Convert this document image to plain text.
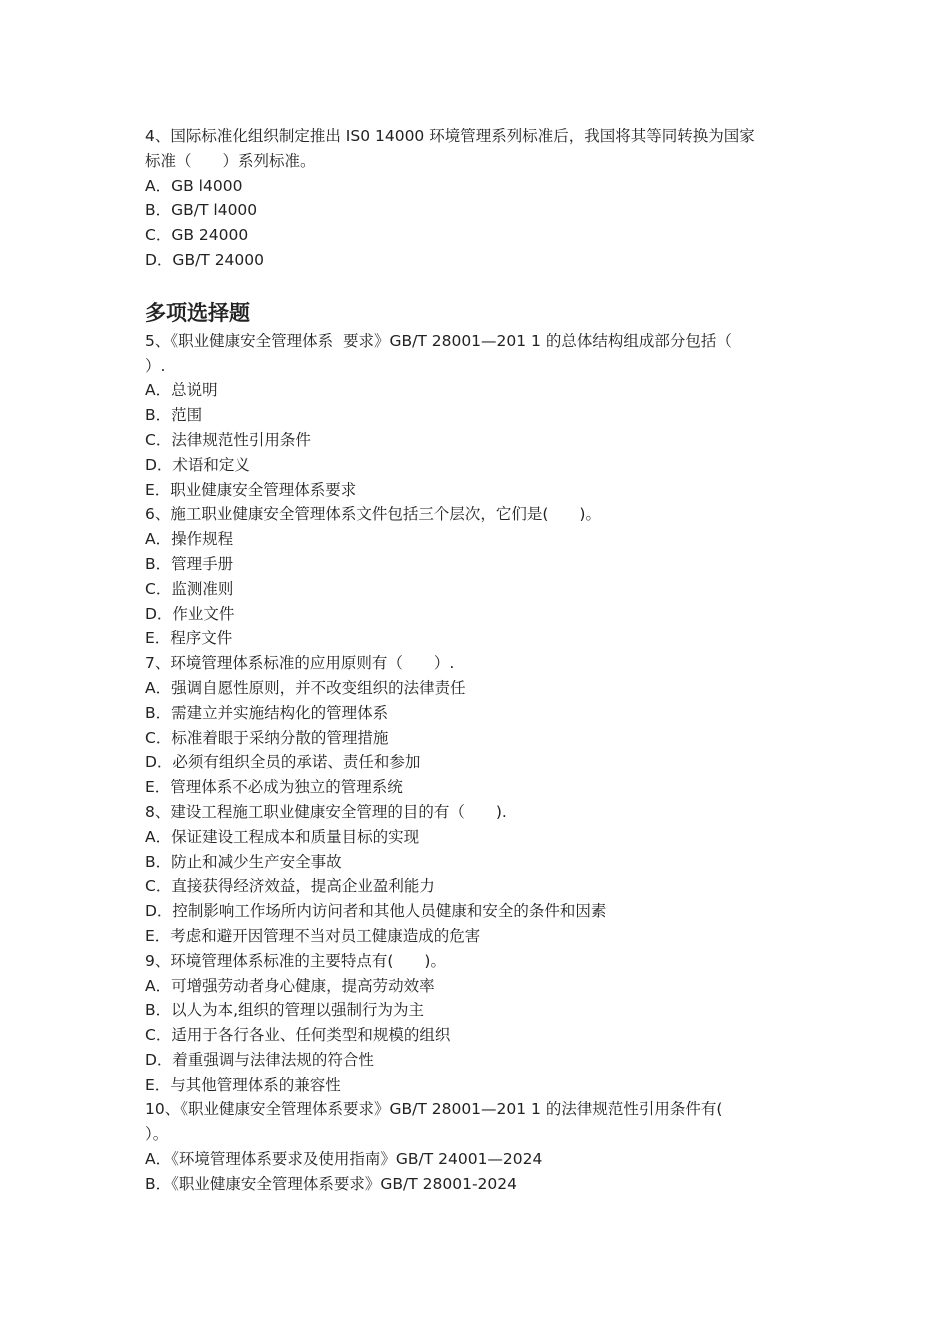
4、国际标准化组织制定推出 IS0 14000 环境管理系列标准后，我国将其等同转换为国家

标准（　　）系列标准。

A．GB l4000

B．GB/T l4000

C．GB 24000

D．GB/T 24000

多项选择题

5、《职业健康安全管理体系  要求》GB/T 28001—201 1 的总体结构组成部分包括（

）.

A．总说明

B．范围

C．法律规范性引用条件

D．术语和定义

E．职业健康安全管理体系要求

6、施工职业健康安全管理体系文件包括三个层次，它们是(　　)。

A．操作规程

B．管理手册

C．监测准则

D．作业文件

E．程序文件

7、环境管理体系标准的应用原则有（　　）.

A．强调自愿性原则，并不改变组织的法律责任

B．需建立并实施结构化的管理体系

C．标准着眼于采纳分散的管理措施

D．必须有组织全员的承诺、责任和参加

E．管理体系不必成为独立的管理系统

8、建设工程施工职业健康安全管理的目的有（　　).

A．保证建设工程成本和质量目标的实现

B．防止和减少生产安全事故

C．直接获得经济效益，提高企业盈利能力

D．控制影响工作场所内访问者和其他人员健康和安全的条件和因素

E．考虑和避开因管理不当对员工健康造成的危害

9、环境管理体系标准的主要特点有(　　)。

A．可增强劳动者身心健康，提高劳动效率

B．以人为本,组织的管理以强制行为为主

C．适用于各行各业、任何类型和规模的组织

D．着重强调与法律法规的符合性

E．与其他管理体系的兼容性

10、《职业健康安全管理体系要求》GB/T 28001—201 1 的法律规范性引用条件有(

）。

A．《环境管理体系要求及使用指南》GB/T 24001—2024

B．《职业健康安全管理体系要求》GB/T 28001-2024
